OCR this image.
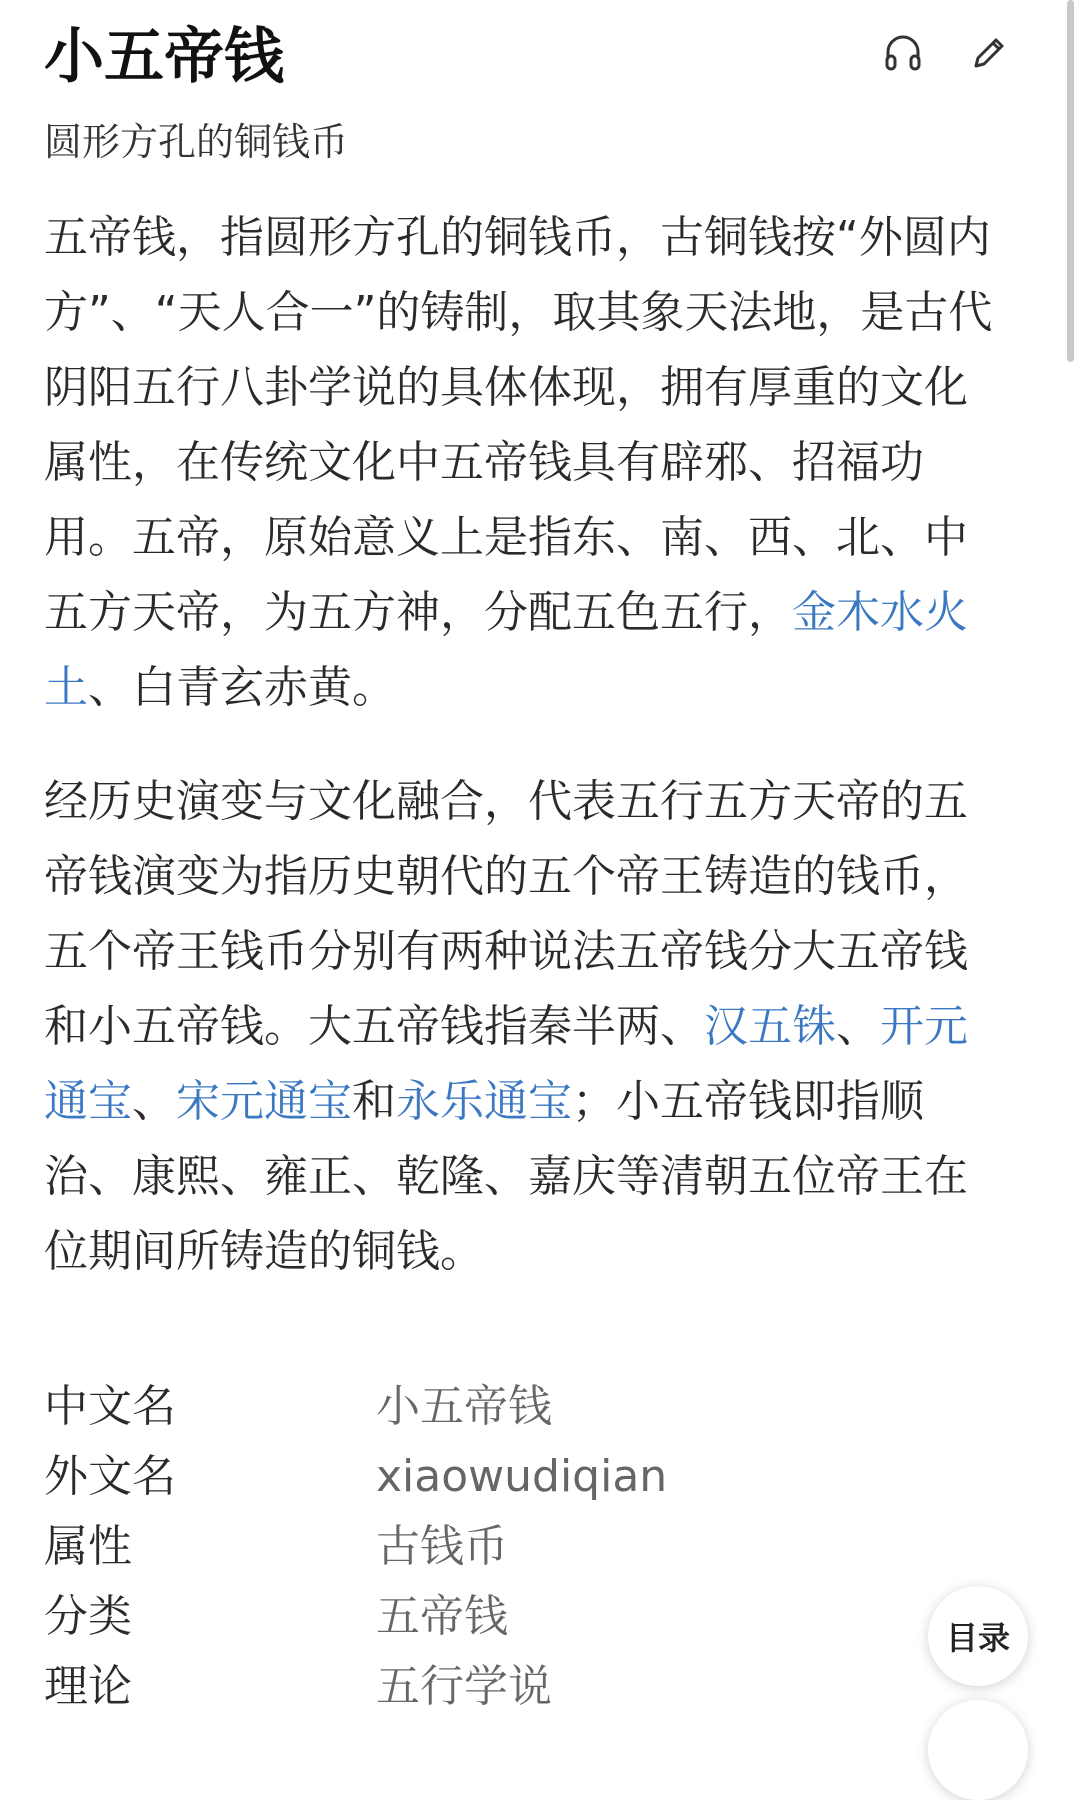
小五帝钱
圆形方孔的铜钱币
五帝钱，指圆形方孔的铜钱币，古铜钱按“外圆内
方”、“天人合一”的铸制，取其象天法地，是古代
阴阳五行八卦学说的具体体现，拥有厚重的文化
属性，在传统文化中五帝钱具有辟邪、招福功
用。五帝，原始意义上是指东、南、西、北、中
五方天帝，为五方神，分配五色五行，金木水火
土、白青玄赤黄。
经历史演变与文化融合，代表五行五方天帝的五
帝钱演变为指历史朝代的五个帝王铸造的钱币，
五个帝王钱币分别有两种说法五帝钱分大五帝钱
和小五帝钱。大五帝钱指秦半两、汉五铢、开元
通宝、宋元通宝和永乐通宝；小五帝钱即指顺
治、康熙、雍正、乾隆、嘉庆等清朝五位帝王在
位期间所铸造的铜钱。
中文名	小五帝钱
外文名	xiaowudiqian
属性	古钱币
分类	五帝钱
理论	五行学说
目录
